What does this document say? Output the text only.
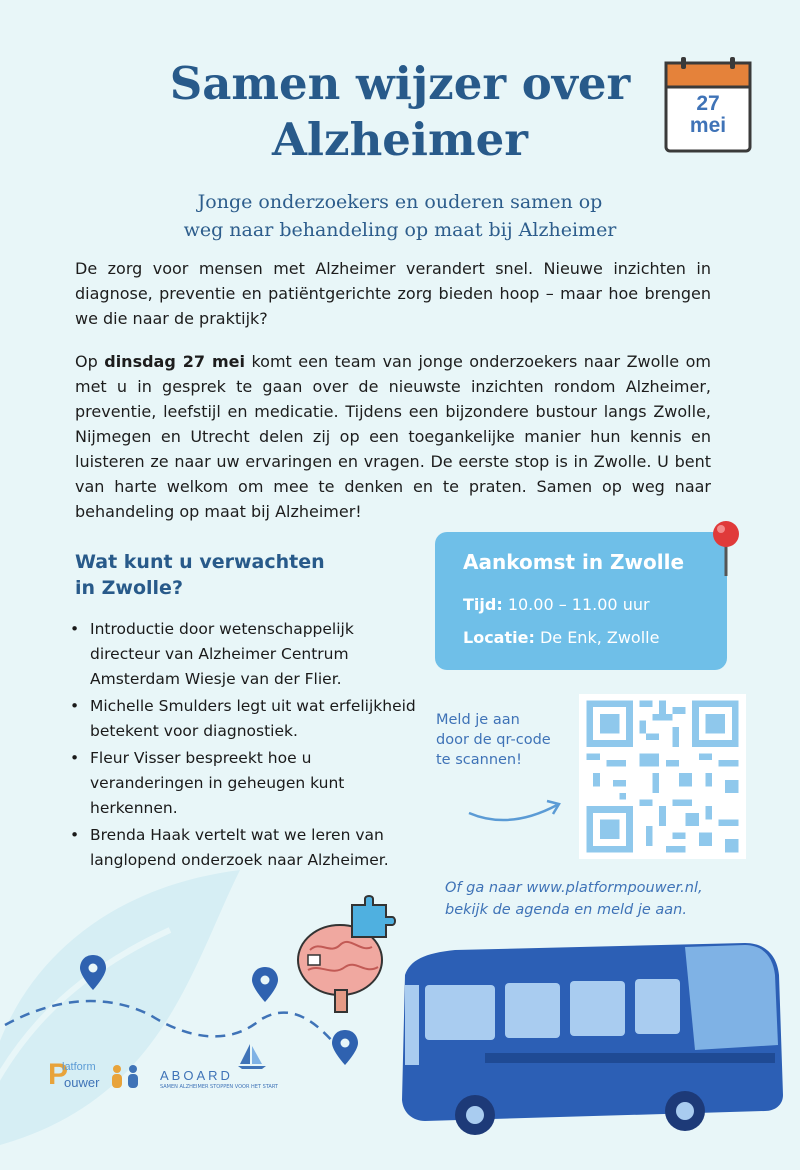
Samen wijzer over
Alzheimer
27
mei

Jonge onderzoekers en ouderen samen op
weg naar behandeling op maat bij Alzheimer

De zorg voor mensen met Alzheimer verandert snel. Nieuwe inzichten in diagnose, preventie en patiëntgerichte zorg bieden hoop – maar hoe brengen we die naar de praktijk?

Op dinsdag 27 mei komt een team van jonge onderzoekers naar Zwolle om met u in gesprek te gaan over de nieuwste inzichten rondom Alzheimer, preventie, leefstijl en medicatie. Tijdens een bijzondere bustour langs Zwolle, Nijmegen en Utrecht delen zij op een toegankelijke manier hun kennis en luisteren ze naar uw ervaringen en vragen. De eerste stop is in Zwolle. U bent van harte welkom om mee te denken en te praten. Samen op weg naar behandeling op maat bij Alzheimer!

Wat kunt u verwachten
in Zwolle?
• Introductie door wetenschappelijk directeur van Alzheimer Centrum Amsterdam Wiesje van der Flier.
• Michelle Smulders legt uit wat erfelijkheid betekent voor diagnostiek.
• Fleur Visser bespreekt hoe u veranderingen in geheugen kunt herkennen.
• Brenda Haak vertelt wat we leren van langlopend onderzoek naar Alzheimer.
Aankomst in Zwolle
Tijd: 10.00 – 11.00 uur
Locatie: De Enk, Zwolle
Meld je aan
door de qr-code
te scannen!
Of ga naar www.platformpouwer.nl,
bekijk de agenda en meld je aan.
P
latform
ouwer	ABOARD
SAMEN ALZHEIMER STOPPEN VOOR HET START
